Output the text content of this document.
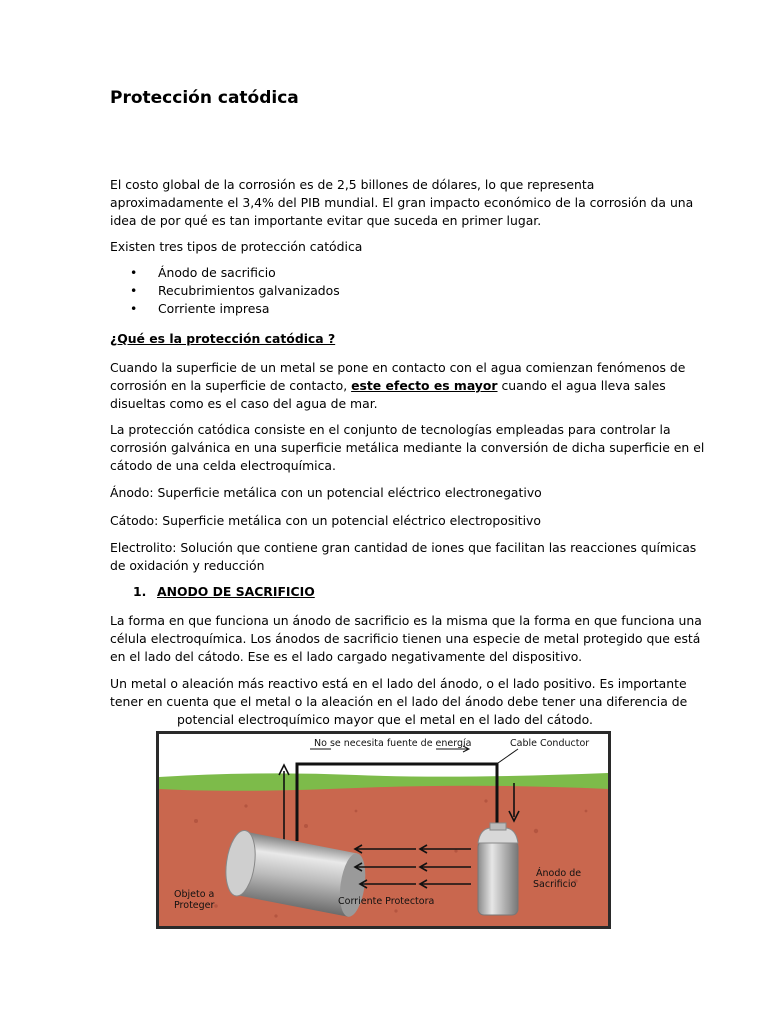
Protección catódica
El costo global de la corrosión es de 2,5 billones de dólares, lo que representa
aproximadamente el 3,4% del PIB mundial. El gran impacto económico de la corrosión da una
idea de por qué es tan importante evitar que suceda en primer lugar.
Existen tres tipos de protección catódica
• Ánodo de sacrificio
• Recubrimientos galvanizados
• Corriente impresa
¿Qué es la protección catódica ?
Cuando la superficie de un metal se pone en contacto con el agua comienzan fenómenos de
corrosión en la superficie de contacto, este efecto es mayor cuando el agua lleva sales
disueltas como es el caso del agua de mar.
La protección catódica consiste en el conjunto de tecnologías empleadas para controlar la
corrosión galvánica en una superficie metálica mediante la conversión de dicha superficie en el
cátodo de una celda electroquímica.
Ánodo: Superficie metálica con un potencial eléctrico electronegativo
Cátodo: Superficie metálica con un potencial eléctrico electropositivo
Electrolito: Solución que contiene gran cantidad de iones que facilitan las reacciones químicas
de oxidación y reducción
1. ANODO DE SACRIFICIO
La forma en que funciona un ánodo de sacrificio es la misma que la forma en que funciona una
célula electroquímica. Los ánodos de sacrificio tienen una especie de metal protegido que está
en el lado del cátodo. Ese es el lado cargado negativamente del dispositivo.
Un metal o aleación más reactivo está en el lado del ánodo, o el lado positivo. Es importante
tener en cuenta que el metal o la aleación en el lado del ánodo debe tener una diferencia de
potencial electroquímico mayor que el metal en el lado del cátodo.
No se necesita fuente de energía	Cable Conductor
Objeto a
Proteger	Corriente Protectora
Ánodo de
Sacrificio
